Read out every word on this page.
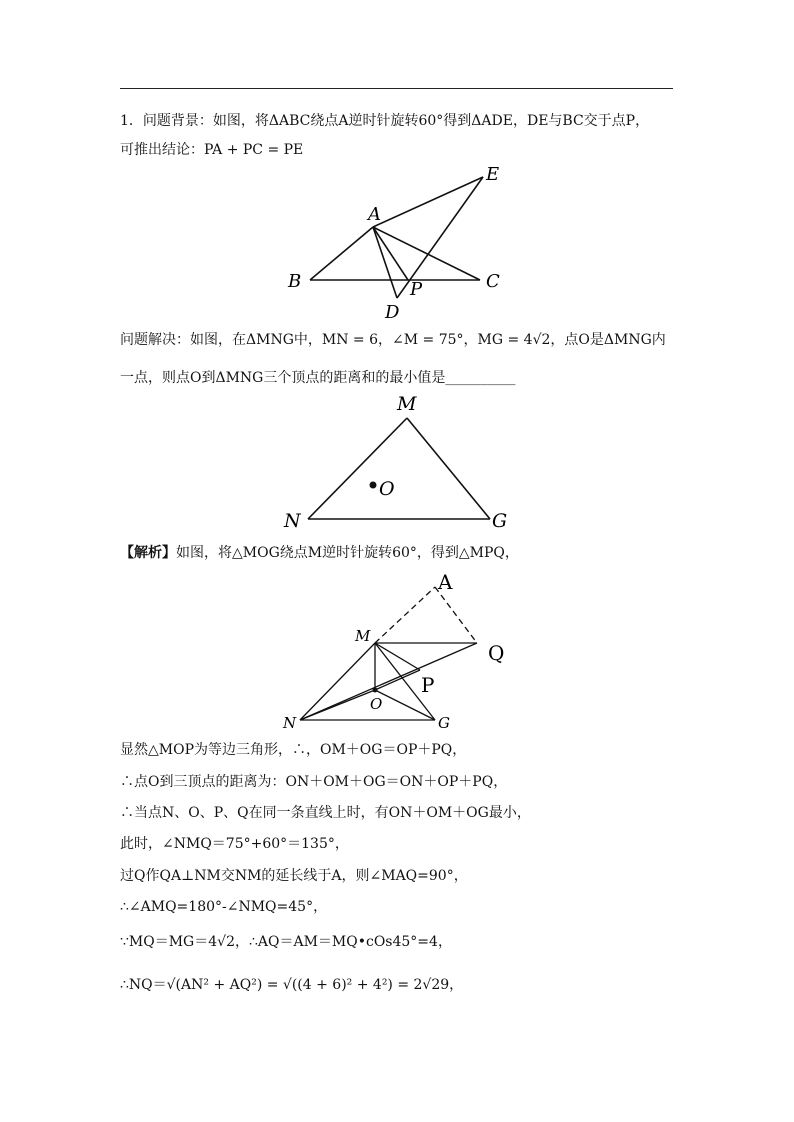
1．问题背景：如图，将ΔABC绕点A逆时针旋转60°得到ΔADE，DE与BC交于点P，
可推出结论：PA + PC = PE
A
B	C
D
E
P
问题解决：如图，在ΔMNG中，MN = 6，∠M = 75°，MG = 4√2，点O是ΔMNG内
一点，则点O到ΔMNG三个顶点的距离和的最小值是__________
M
N	G
O
【解析】如图，将△MOG绕点M逆时针旋转60°，得到△MPQ，
A
M
Q
P
O
N	G
显然△MOP为等边三角形，∴，OM＋OG＝OP＋PQ，
∴点O到三顶点的距离为：ON＋OM＋OG＝ON＋OP＋PQ，
∴当点N、O、P、Q在同一条直线上时，有ON＋OM＋OG最小，
此时，∠NMQ＝75°+60°＝135°，
过Q作QA⊥NM交NM的延长线于A，则∠MAQ=90°，
∴∠AMQ=180°-∠NMQ=45°，
∵MQ＝MG＝4√2，∴AQ＝AM＝MQ•cOs45°=4，
∴NQ＝√(AN² + AQ²) = √((4 + 6)² + 4²) = 2√29，
